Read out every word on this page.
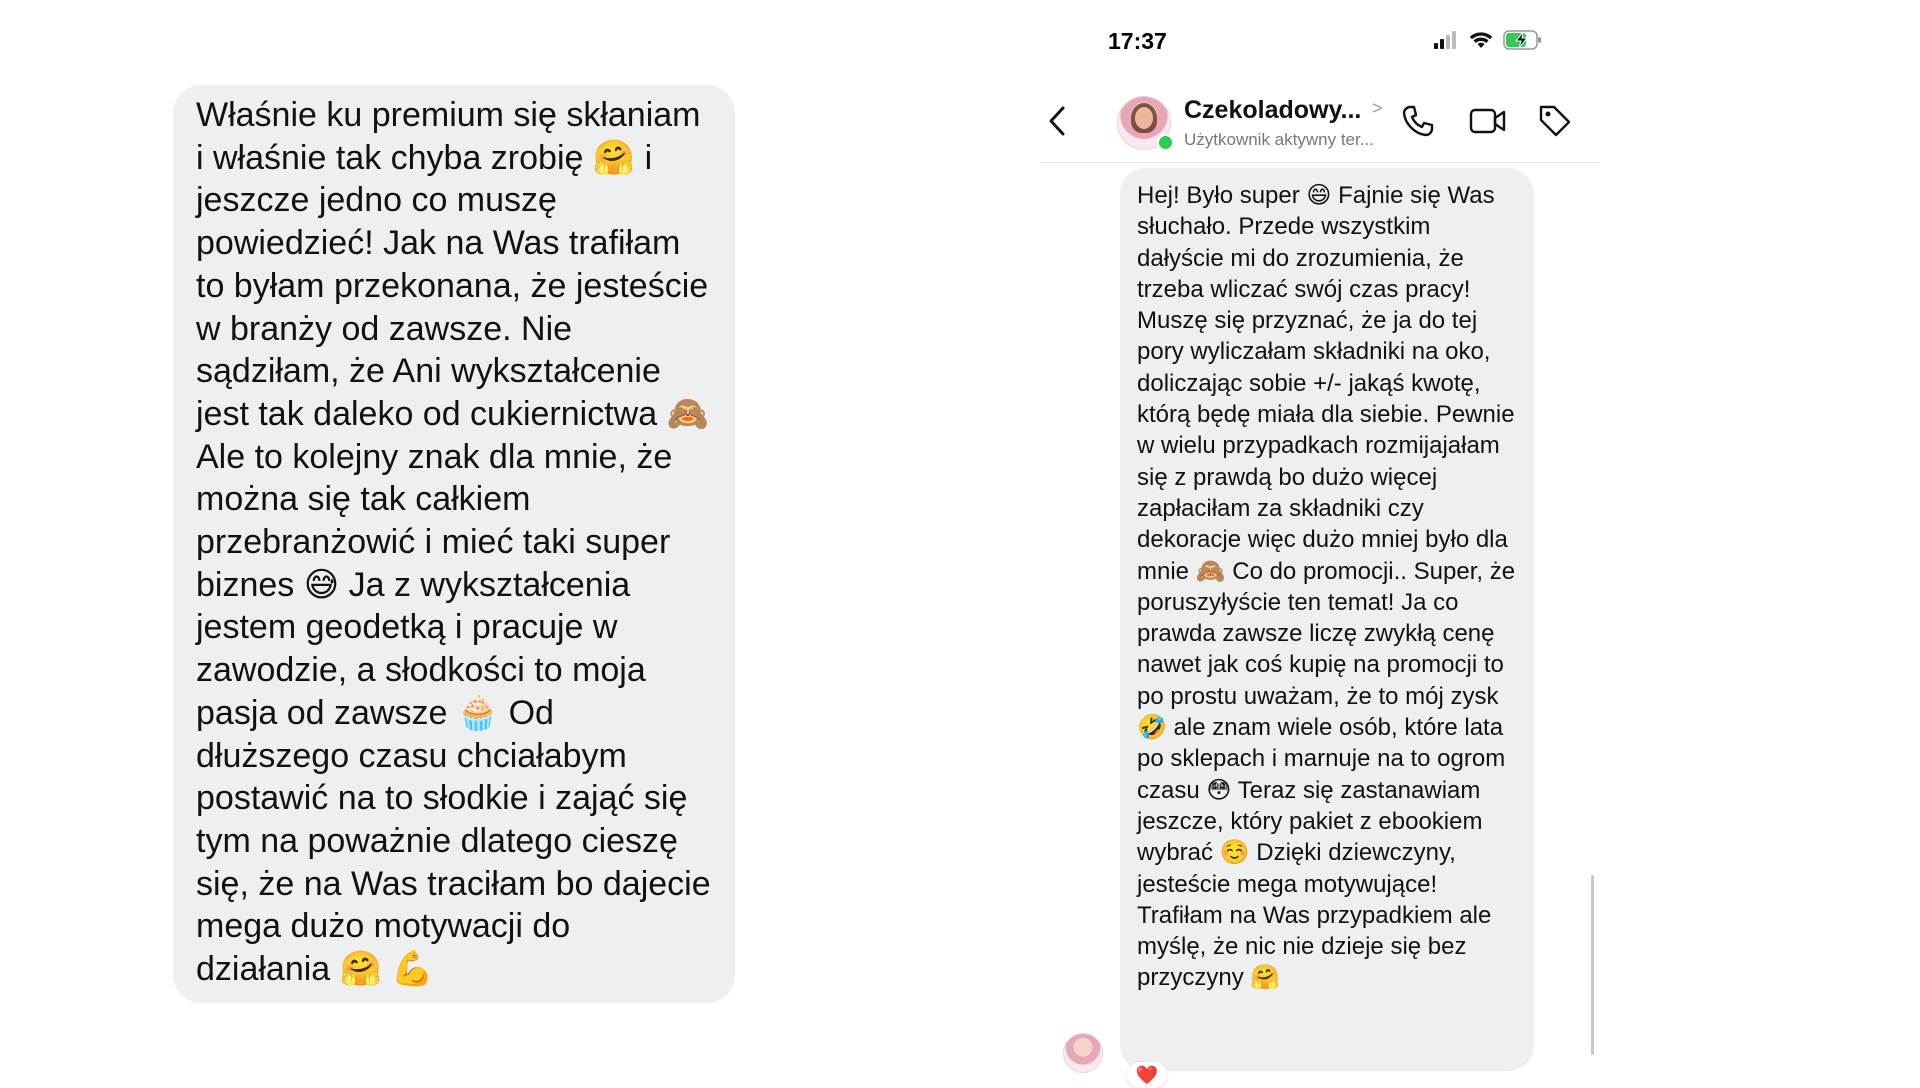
Właśnie ku premium się skłaniam i właśnie tak chyba zrobię 🤗 i jeszcze jedno co muszę powiedzieć! Jak na Was trafiłam to byłam przekonana, że jesteście w branży od zawsze. Nie sądziłam, że Ani wykształcenie jest tak daleko od cukiernictwa 🙈 Ale to kolejny znak dla mnie, że można się tak całkiem przebranżowić i mieć taki super biznes 😅 Ja z wykształcenia jestem geodetką i pracuje w zawodzie, a słodkości to moja pasja od zawsze 🧁 Od dłuższego czasu chciałabym postawić na to słodkie i zająć się tym na poważnie dlatego cieszę się, że na Was traciłam bo dajecie mega dużo motywacji do działania 🤗 💪

17:37
Czekoladowy... >
Użytkownik aktywny ter...

Hej! Było super 😄 Fajnie się Was słuchało. Przede wszystkim dałyście mi do zrozumienia, że trzeba wliczać swój czas pracy! Muszę się przyznać, że ja do tej pory wyliczałam składniki na oko, doliczając sobie +/- jakąś kwotę, którą będę miała dla siebie. Pewnie w wielu przypadkach rozmijajałam się z prawdą bo dużo więcej zapłaciłam za składniki czy dekoracje więc dużo mniej było dla mnie 🙈 Co do promocji.. Super, że poruszyłyście ten temat! Ja co prawda zawsze liczę zwykłą cenę nawet jak coś kupię na promocji to po prostu uważam, że to mój zysk 🤣 ale znam wiele osób, które lata po sklepach i marnuje na to ogrom czasu 😳 Teraz się zastanawiam jeszcze, który pakiet z ebookiem wybrać ☺️ Dzięki dziewczyny, jesteście mega motywujące! Trafiłam na Was przypadkiem ale myślę, że nic nie dzieje się bez przyczyny 🤗

❤️
